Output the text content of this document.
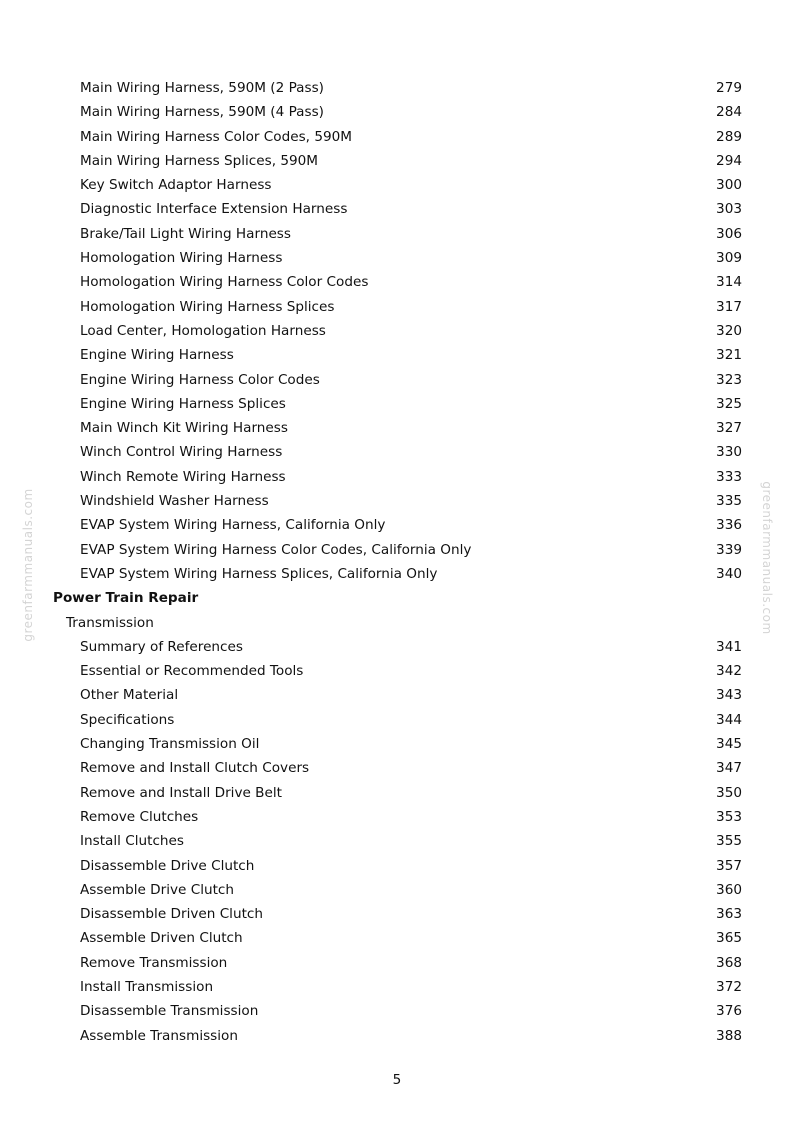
Main Wiring Harness, 590M (2 Pass)	279
Main Wiring Harness, 590M (4 Pass)	284
Main Wiring Harness Color Codes, 590M	289
Main Wiring Harness Splices, 590M	294
Key Switch Adaptor Harness	300
Diagnostic Interface Extension Harness	303
Brake/Tail Light Wiring Harness	306
Homologation Wiring Harness	309
Homologation Wiring Harness Color Codes	314
Homologation Wiring Harness Splices	317
Load Center, Homologation Harness	320
Engine Wiring Harness	321
Engine Wiring Harness Color Codes	323
Engine Wiring Harness Splices	325
Main Winch Kit Wiring Harness	327
Winch Control Wiring Harness	330
Winch Remote Wiring Harness	333
Windshield Washer Harness	335
EVAP System Wiring Harness, California Only	336
EVAP System Wiring Harness Color Codes, California Only	339
EVAP System Wiring Harness Splices, California Only	340
Power Train Repair
Transmission
Summary of References	341
Essential or Recommended Tools	342
Other Material	343
Specifications	344
Changing Transmission Oil	345
Remove and Install Clutch Covers	347
Remove and Install Drive Belt	350
Remove Clutches	353
Install Clutches	355
Disassemble Drive Clutch	357
Assemble Drive Clutch	360
Disassemble Driven Clutch	363
Assemble Driven Clutch	365
Remove Transmission	368
Install Transmission	372
Disassemble Transmission	376
Assemble Transmission	388
5
greenfarmmanuals.com	greenfarmmanuals.com
